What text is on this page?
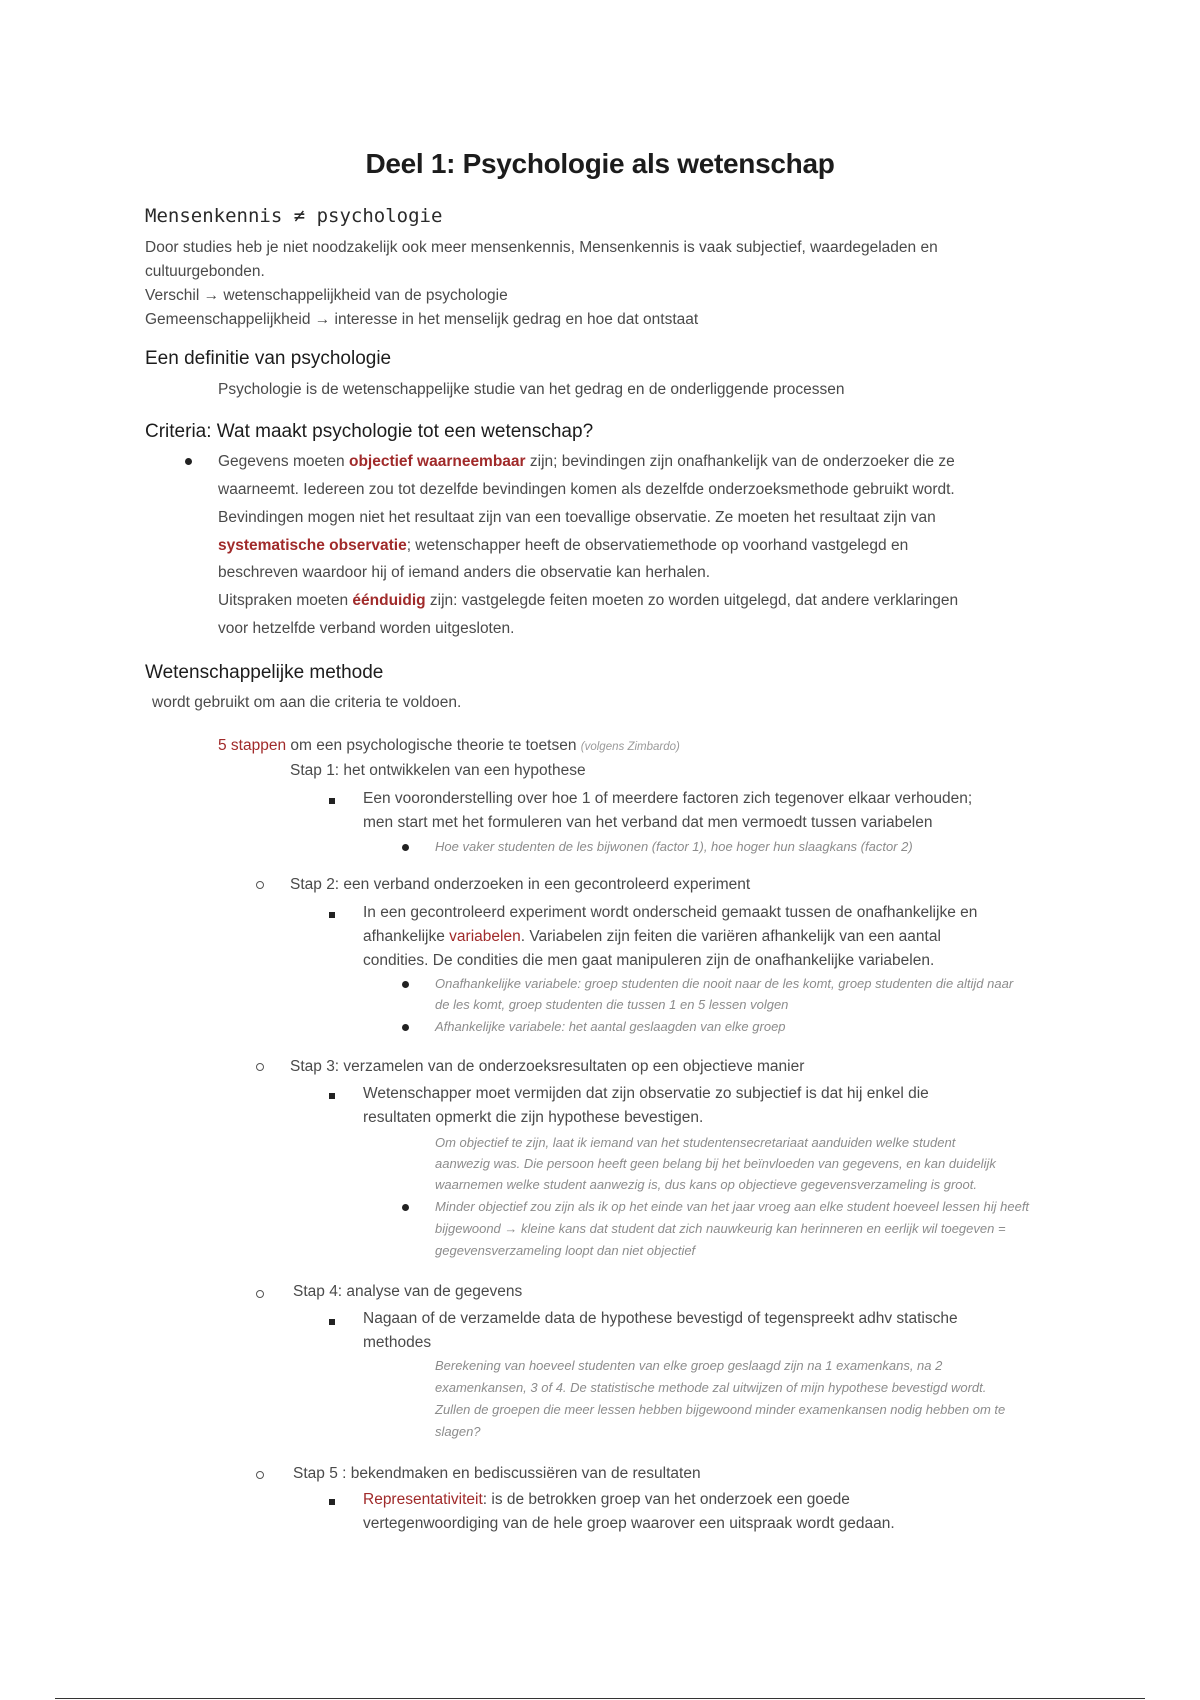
Deel 1: Psychologie als wetenschap
Mensenkennis ≠ psychologie
Door studies heb je niet noodzakelijk ook meer mensenkennis, Mensenkennis is vaak subjectief, waardegeladen en
cultuurgebonden.
Verschil → wetenschappelijkheid van de psychologie
Gemeenschappelijkheid → interesse in het menselijk gedrag en hoe dat ontstaat
Een definitie van psychologie
Psychologie is de wetenschappelijke studie van het gedrag en de onderliggende processen
Criteria: Wat maakt psychologie tot een wetenschap?
Gegevens moeten objectief waarneembaar zijn; bevindingen zijn onafhankelijk van de onderzoeker die ze
waarneemt. Iedereen zou tot dezelfde bevindingen komen als dezelfde onderzoeksmethode gebruikt wordt.
Bevindingen mogen niet het resultaat zijn van een toevallige observatie. Ze moeten het resultaat zijn van
systematische observatie; wetenschapper heeft de observatiemethode op voorhand vastgelegd en
beschreven waardoor hij of iemand anders die observatie kan herhalen.
Uitspraken moeten éénduidig zijn: vastgelegde feiten moeten zo worden uitgelegd, dat andere verklaringen
voor hetzelfde verband worden uitgesloten.
Wetenschappelijke methode
wordt gebruikt om aan die criteria te voldoen.
5 stappen om een psychologische theorie te toetsen (volgens Zimbardo)
Stap 1: het ontwikkelen van een hypothese
Een vooronderstelling over hoe 1 of meerdere factoren zich tegenover elkaar verhouden;
men start met het formuleren van het verband dat men vermoedt tussen variabelen
Hoe vaker studenten de les bijwonen (factor 1), hoe hoger hun slaagkans (factor 2)
Stap 2: een verband onderzoeken in een gecontroleerd experiment
In een gecontroleerd experiment wordt onderscheid gemaakt tussen de onafhankelijke en
afhankelijke variabelen. Variabelen zijn feiten die variëren afhankelijk van een aantal
condities. De condities die men gaat manipuleren zijn de onafhankelijke variabelen.
Onafhankelijke variabele: groep studenten die nooit naar de les komt, groep studenten die altijd naar
de les komt, groep studenten die tussen 1 en 5 lessen volgen
Afhankelijke variabele: het aantal geslaagden van elke groep
Stap 3: verzamelen van de onderzoeksresultaten op een objectieve manier
Wetenschapper moet vermijden dat zijn observatie zo subjectief is dat hij enkel die
resultaten opmerkt die zijn hypothese bevestigen.
Om objectief te zijn, laat ik iemand van het studentensecretariaat aanduiden welke student
aanwezig was. Die persoon heeft geen belang bij het beïnvloeden van gegevens, en kan duidelijk
waarnemen welke student aanwezig is, dus kans op objectieve gegevensverzameling is groot.
Minder objectief zou zijn als ik op het einde van het jaar vroeg aan elke student hoeveel lessen hij heeft
bijgewoond → kleine kans dat student dat zich nauwkeurig kan herinneren en eerlijk wil toegeven =
gegevensverzameling loopt dan niet objectief
Stap 4: analyse van de gegevens
Nagaan of de verzamelde data de hypothese bevestigd of tegenspreekt adhv statische
methodes
Berekening van hoeveel studenten van elke groep geslaagd zijn na 1 examenkans, na 2
examenkansen, 3 of 4. De statistische methode zal uitwijzen of mijn hypothese bevestigd wordt.
Zullen de groepen die meer lessen hebben bijgewoond minder examenkansen nodig hebben om te
slagen?
Stap 5 : bekendmaken en bediscussiëren van de resultaten
Representativiteit: is de betrokken groep van het onderzoek een goede
vertegenwoordiging van de hele groep waarover een uitspraak wordt gedaan.
